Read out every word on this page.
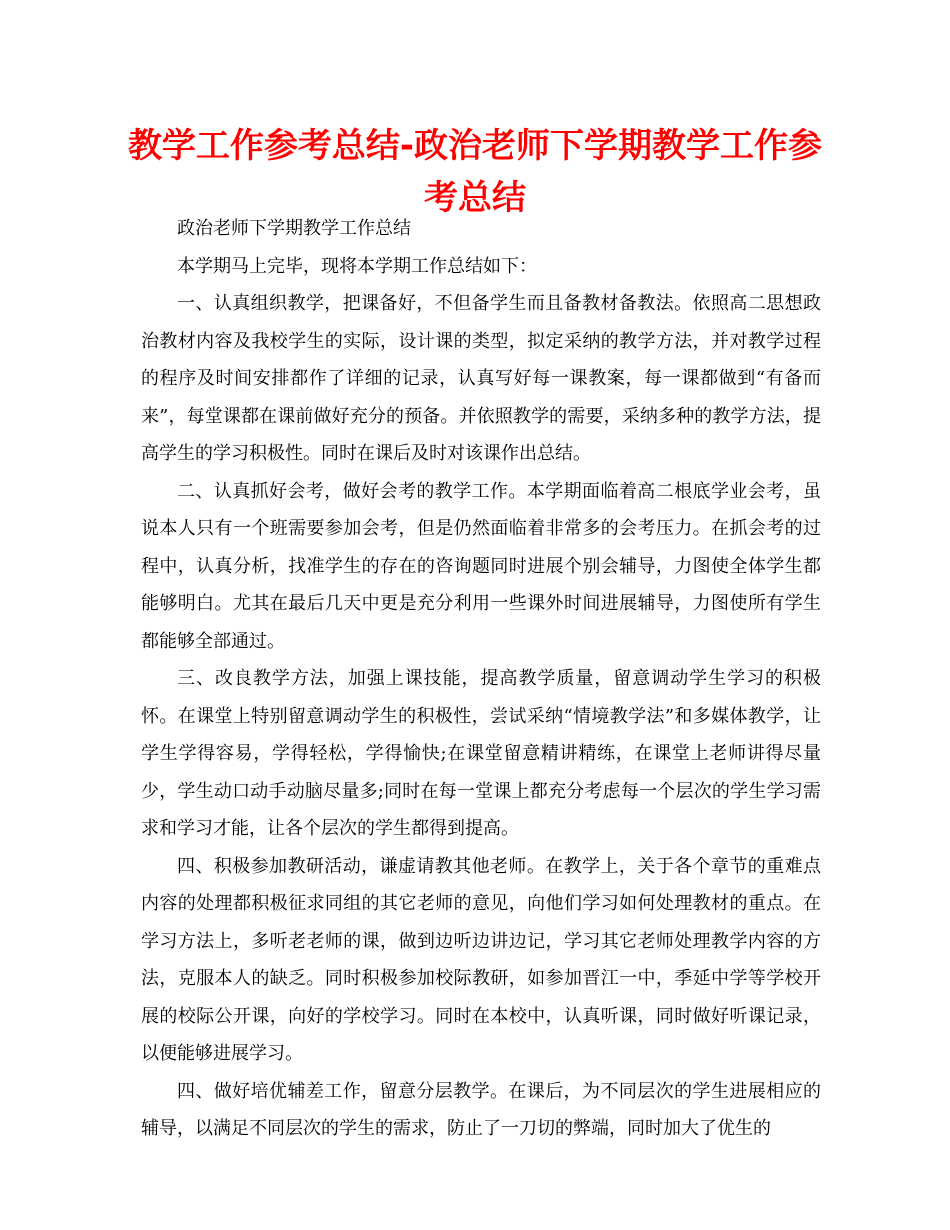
教学工作参考总结-政治老师下学期教学工作参考总结

政治老师下学期教学工作总结

本学期马上完毕，现将本学期工作总结如下：

一、认真组织教学，把课备好，不但备学生而且备教材备教法。依照高二思想政治教材内容及我校学生的实际，设计课的类型，拟定采纳的教学方法，并对教学过程的程序及时间安排都作了详细的记录，认真写好每一课教案，每一课都做到“有备而来”，每堂课都在课前做好充分的预备。并依照教学的需要，采纳多种的教学方法，提高学生的学习积极性。同时在课后及时对该课作出总结。

二、认真抓好会考，做好会考的教学工作。本学期面临着高二根底学业会考，虽说本人只有一个班需要参加会考，但是仍然面临着非常多的会考压力。在抓会考的过程中，认真分析，找准学生的存在的咨询题同时进展个别会辅导，力图使全体学生都能够明白。尤其在最后几天中更是充分利用一些课外时间进展辅导，力图使所有学生都能够全部通过。

三、改良教学方法，加强上课技能，提高教学质量，留意调动学生学习的积极怀。在课堂上特别留意调动学生的积极性，尝试采纳“情境教学法”和多媒体教学，让学生学得容易，学得轻松，学得愉快;在课堂留意精讲精练，在课堂上老师讲得尽量少，学生动口动手动脑尽量多;同时在每一堂课上都充分考虑每一个层次的学生学习需求和学习才能，让各个层次的学生都得到提高。

四、积极参加教研活动，谦虚请教其他老师。在教学上，关于各个章节的重难点内容的处理都积极征求同组的其它老师的意见，向他们学习如何处理教材的重点。在学习方法上，多听老老师的课，做到边听边讲边记，学习其它老师处理教学内容的方法，克服本人的缺乏。同时积极参加校际教研，如参加晋江一中，季延中学等学校开展的校际公开课，向好的学校学习。同时在本校中，认真听课，同时做好听课记录，以便能够进展学习。

四、做好培优辅差工作，留意分层教学。在课后，为不同层次的学生进展相应的辅导，以满足不同层次的学生的需求，防止了一刀切的弊端，同时加大了优生的
